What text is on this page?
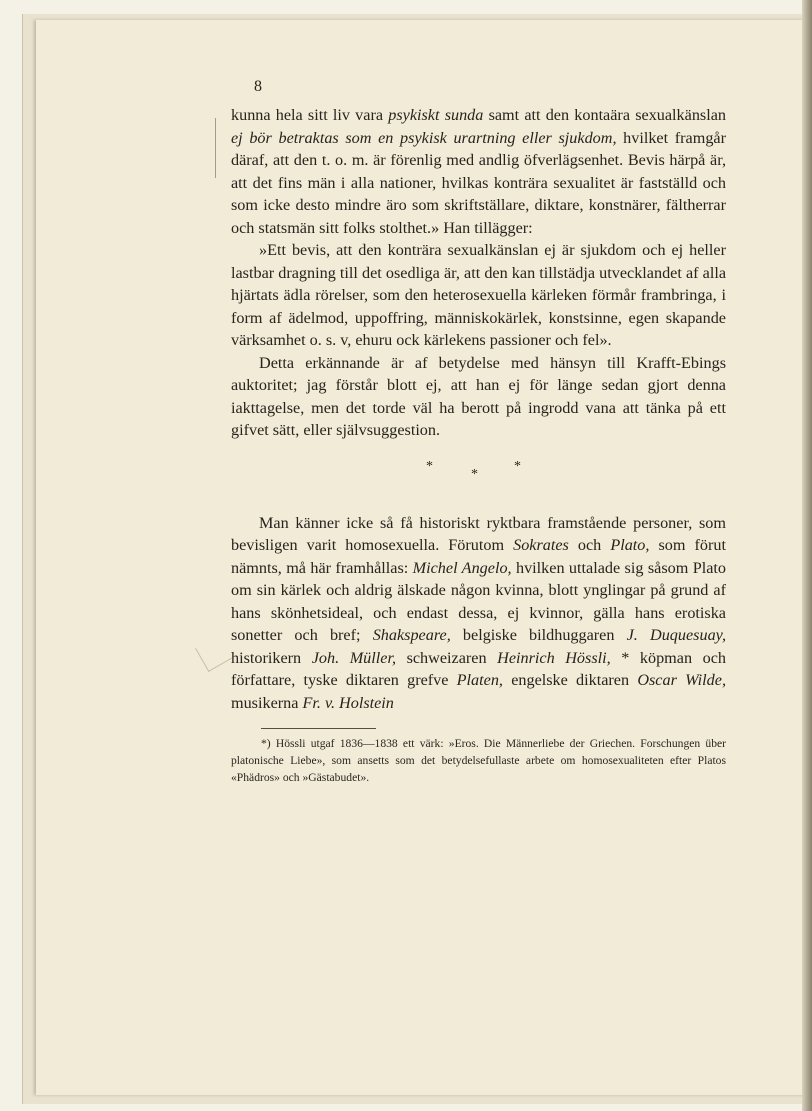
8

kunna hela sitt liv vara psykiskt sunda samt att den kontaära sexualkänslan ej bör betraktas som en psykisk urartning eller sjukdom, hvilket framgår däraf, att den t. o. m. är förenlig med andlig öfverlägsenhet. Bevis härpå är, att det fins män i alla nationer, hvilkas konträra sexualitet är fastställd och som icke desto mindre äro som skriftställare, diktare, konstnärer, fältherrar och statsmän sitt folks stolthet.» Han tillägger:

»Ett bevis, att den konträra sexualkänslan ej är sjukdom och ej heller lastbar dragning till det osedliga är, att den kan tillstädja utvecklandet af alla hjärtats ädla rörelser, som den heterosexuella kärleken förmår frambringa, i form af ädelmod, uppoffring, människokärlek, konstsinne, egen skapande värksamhet o. s. v, ehuru ock kärlekens passioner och fel».

Detta erkännande är af betydelse med hänsyn till Krafft-Ebings auktoritet; jag förstår blott ej, att han ej för länge sedan gjort denna iakttagelse, men det torde väl ha berott på ingrodd vana att tänka på ett gifvet sätt, eller självsuggestion.

*
*
*

Man känner icke så få historiskt ryktbara framstående personer, som bevisligen varit homosexuella. Förutom Sokrates och Plato, som förut nämnts, må här framhållas: Michel Angelo, hvilken uttalade sig såsom Plato om sin kärlek och aldrig älskade någon kvinna, blott ynglingar på grund af hans skönhetsideal, och endast dessa, ej kvinnor, gälla hans erotiska sonetter och bref; Shakspeare, belgiske bildhuggaren J. Duquesuay, historikern Joh. Müller, schweizaren Heinrich Hössli, * köpman och författare, tyske diktaren grefve Platen, engelske diktaren Oscar Wilde, musikerna Fr. v. Holstein

*) Hössli utgaf 1836—1838 ett värk: »Eros. Die Männerliebe der Griechen. Forschungen über platonische Liebe», som ansetts som det betydelsefullaste arbete om homosexualiteten efter Platos «Phädros» och »Gästabudet».
